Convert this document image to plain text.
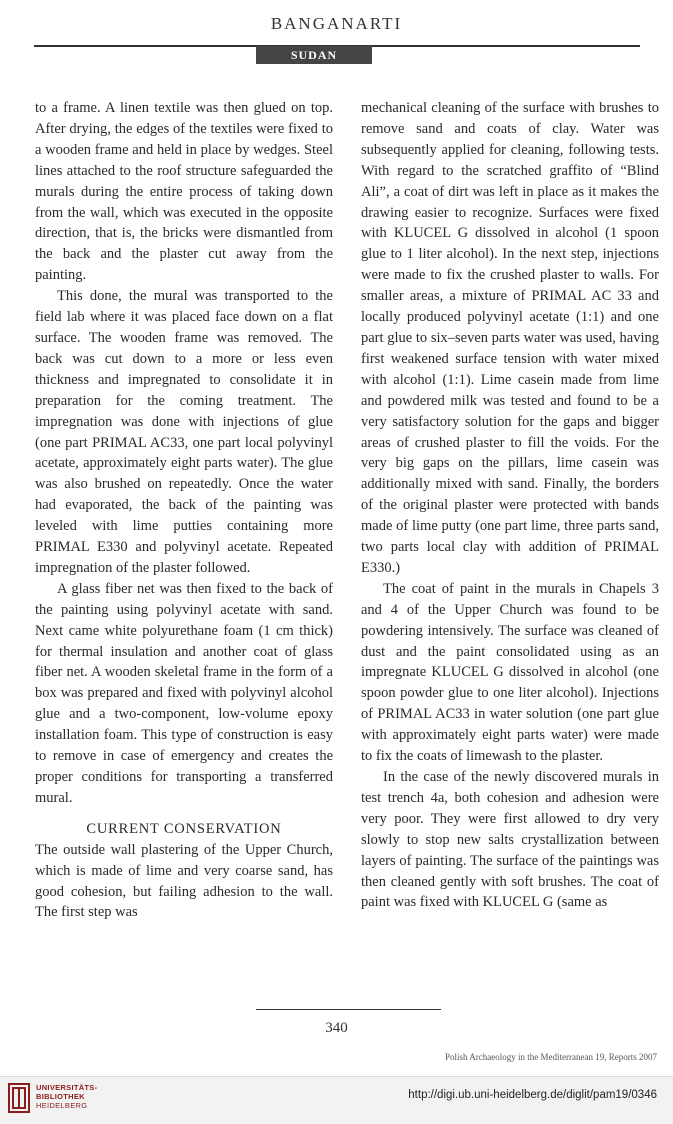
BANGANARTI
SUDAN

to a frame. A linen textile was then glued on top. After drying, the edges of the textiles were fixed to a wooden frame and held in place by wedges. Steel lines attached to the roof structure safeguarded the murals during the entire process of taking down from the wall, which was executed in the opposite direction, that is, the bricks were dismantled from the back and the plaster cut away from the painting.

This done, the mural was transported to the field lab where it was placed face down on a flat surface. The wooden frame was removed. The back was cut down to a more or less even thickness and impregnated to consolidate it in preparation for the coming treatment. The impregnation was done with injections of glue (one part PRIMAL AC33, one part local polyvinyl acetate, approximately eight parts water). The glue was also brushed on repeatedly. Once the water had evaporated, the back of the painting was leveled with lime putties containing more PRIMAL E330 and polyvinyl acetate. Repeated impregnation of the plaster followed.

A glass fiber net was then fixed to the back of the painting using polyvinyl acetate with sand. Next came white polyurethane foam (1 cm thick) for thermal insulation and another coat of glass fiber net. A wooden skeletal frame in the form of a box was prepared and fixed with polyvinyl alcohol glue and a two-component, low-volume epoxy installation foam. This type of construction is easy to remove in case of emergency and creates the proper conditions for transporting a transferred mural.

CURRENT CONSERVATION

The outside wall plastering of the Upper Church, which is made of lime and very coarse sand, has good cohesion, but failing adhesion to the wall. The first step was

mechanical cleaning of the surface with brushes to remove sand and coats of clay. Water was subsequently applied for cleaning, following tests. With regard to the scratched graffito of “Blind Ali”, a coat of dirt was left in place as it makes the drawing easier to recognize. Surfaces were fixed with KLUCEL G dissolved in alcohol (1 spoon glue to 1 liter alcohol). In the next step, injections were made to fix the crushed plaster to walls. For smaller areas, a mixture of PRIMAL AC 33 and locally produced polyvinyl acetate (1:1) and one part glue to six–seven parts water was used, having first weakened surface tension with water mixed with alcohol (1:1). Lime casein made from lime and powdered milk was tested and found to be a very satisfactory solution for the gaps and bigger areas of crushed plaster to fill the voids. For the very big gaps on the pillars, lime casein was additionally mixed with sand. Finally, the borders of the original plaster were protected with bands made of lime putty (one part lime, three parts sand, two parts local clay with addition of PRIMAL E330.)

The coat of paint in the murals in Chapels 3 and 4 of the Upper Church was found to be powdering intensively. The surface was cleaned of dust and the paint consolidated using as an impregnate KLUCEL G dissolved in alcohol (one spoon powder glue to one liter alcohol). Injections of PRIMAL AC33 in water solution (one part glue with approximately eight parts water) were made to fix the coats of limewash to the plaster.

In the case of the newly discovered murals in test trench 4a, both cohesion and adhesion were very poor. They were first allowed to dry very slowly to stop new salts crystallization between layers of painting. The surface of the paintings was then cleaned gently with soft brushes. The coat of paint was fixed with KLUCEL G (same as

340
Polish Archaeology in the Mediterranean 19, Reports 2007
UNIVERSITÄTS-
BIBLIOTHEK
HEIDELBERG
http://digi.ub.uni-heidelberg.de/diglit/pam19/0346
